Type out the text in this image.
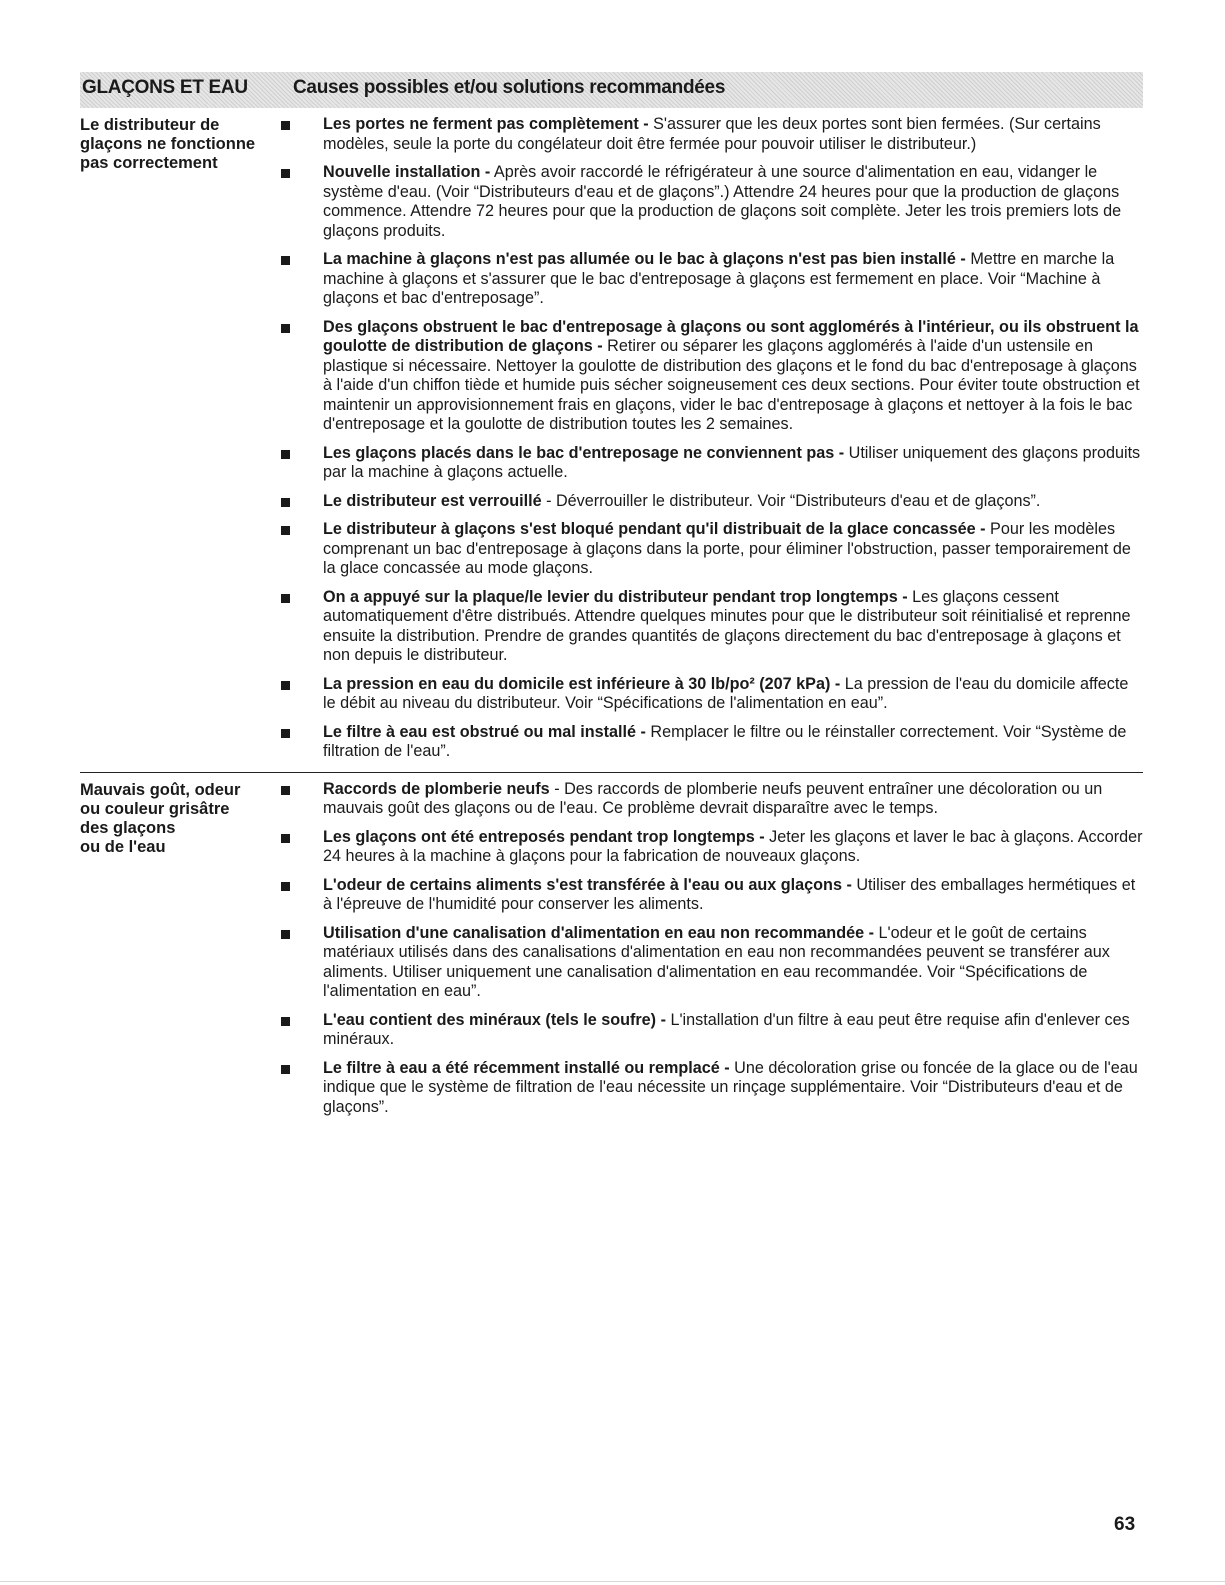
GLAÇONS ET EAU Causes possibles et/ou solutions recommandées
Le distributeur de
glaçons ne fonctionne
pas correctement
Les portes ne ferment pas complètement - S'assurer que les deux portes sont bien fermées. (Sur certains modèles, seule la porte du congélateur doit être fermée pour pouvoir utiliser le distributeur.)
Nouvelle installation - Après avoir raccordé le réfrigérateur à une source d'alimentation en eau, vidanger le système d'eau. (Voir “Distributeurs d'eau et de glaçons”.) Attendre 24 heures pour que la production de glaçons commence. Attendre 72 heures pour que la production de glaçons soit complète. Jeter les trois premiers lots de glaçons produits.
La machine à glaçons n'est pas allumée ou le bac à glaçons n'est pas bien installé - Mettre en marche la machine à glaçons et s'assurer que le bac d'entreposage à glaçons est fermement en place. Voir “Machine à glaçons et bac d'entreposage”.
Des glaçons obstruent le bac d'entreposage à glaçons ou sont agglomérés à l'intérieur, ou ils obstruent la goulotte de distribution de glaçons - Retirer ou séparer les glaçons agglomérés à l'aide d'un ustensile en plastique si nécessaire. Nettoyer la goulotte de distribution des glaçons et le fond du bac d'entreposage à glaçons à l'aide d'un chiffon tiède et humide puis sécher soigneusement ces deux sections. Pour éviter toute obstruction et maintenir un approvisionnement frais en glaçons, vider le bac d'entreposage à glaçons et nettoyer à la fois le bac d'entreposage et la goulotte de distribution toutes les 2 semaines.
Les glaçons placés dans le bac d'entreposage ne conviennent pas - Utiliser uniquement des glaçons produits par la machine à glaçons actuelle.
Le distributeur est verrouillé - Déverrouiller le distributeur. Voir “Distributeurs d'eau et de glaçons”.
Le distributeur à glaçons s'est bloqué pendant qu'il distribuait de la glace concassée - Pour les modèles comprenant un bac d'entreposage à glaçons dans la porte, pour éliminer l'obstruction, passer temporairement de la glace concassée au mode glaçons.
On a appuyé sur la plaque/le levier du distributeur pendant trop longtemps - Les glaçons cessent automatiquement d'être distribués. Attendre quelques minutes pour que le distributeur soit réinitialisé et reprenne ensuite la distribution. Prendre de grandes quantités de glaçons directement du bac d'entreposage à glaçons et non depuis le distributeur.
La pression en eau du domicile est inférieure à 30 lb/po² (207 kPa) - La pression de l'eau du domicile affecte le débit au niveau du distributeur. Voir “Spécifications de l'alimentation en eau”.
Le filtre à eau est obstrué ou mal installé - Remplacer le filtre ou le réinstaller correctement. Voir “Système de filtration de l'eau”.
Mauvais goût, odeur
ou couleur grisâtre
des glaçons
ou de l'eau
Raccords de plomberie neufs - Des raccords de plomberie neufs peuvent entraîner une décoloration ou un mauvais goût des glaçons ou de l'eau. Ce problème devrait disparaître avec le temps.
Les glaçons ont été entreposés pendant trop longtemps - Jeter les glaçons et laver le bac à glaçons. Accorder 24 heures à la machine à glaçons pour la fabrication de nouveaux glaçons.
L'odeur de certains aliments s'est transférée à l'eau ou aux glaçons - Utiliser des emballages hermétiques et à l'épreuve de l'humidité pour conserver les aliments.
Utilisation d'une canalisation d'alimentation en eau non recommandée - L'odeur et le goût de certains matériaux utilisés dans des canalisations d'alimentation en eau non recommandées peuvent se transférer aux aliments. Utiliser uniquement une canalisation d'alimentation en eau recommandée. Voir “Spécifications de l'alimentation en eau”.
L'eau contient des minéraux (tels le soufre) - L'installation d'un filtre à eau peut être requise afin d'enlever ces minéraux.
Le filtre à eau a été récemment installé ou remplacé - Une décoloration grise ou foncée de la glace ou de l'eau indique que le système de filtration de l'eau nécessite un rinçage supplémentaire. Voir “Distributeurs d'eau et de glaçons”.
63
